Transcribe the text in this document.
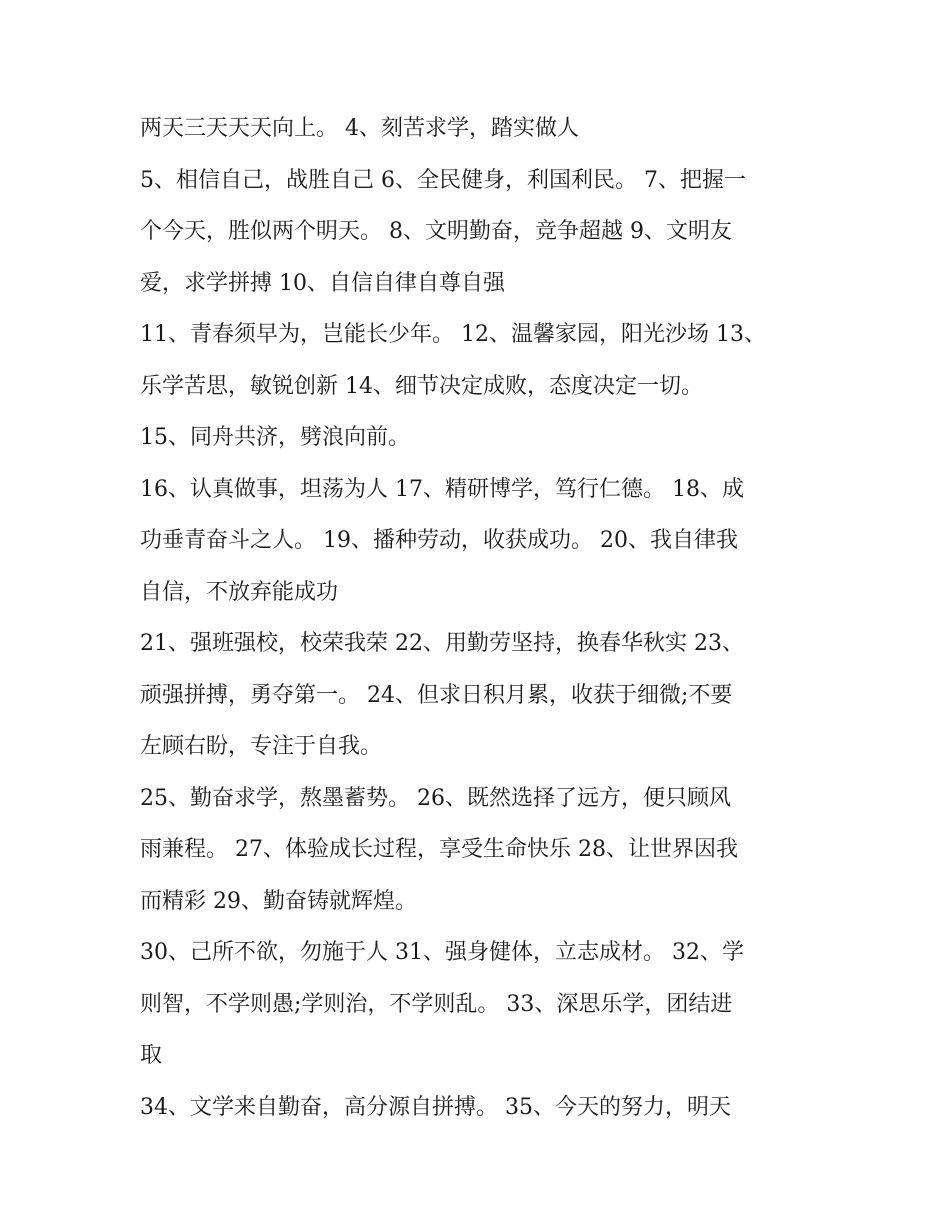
两天三天天天向上。 4、刻苦求学，踏实做人
5、相信自己，战胜自己 6、全民健身，利国利民。 7、把握一
个今天，胜似两个明天。 8、文明勤奋，竞争超越 9、文明友
爱，求学拼搏 10、自信自律自尊自强
11、青春须早为，岂能长少年。 12、温馨家园，阳光沙场 13、
乐学苦思，敏锐创新 14、细节决定成败，态度决定一切。
15、同舟共济，劈浪向前。
16、认真做事，坦荡为人 17、精研博学，笃行仁德。 18、成
功垂青奋斗之人。 19、播种劳动，收获成功。 20、我自律我
自信，不放弃能成功
21、强班强校，校荣我荣 22、用勤劳坚持，换春华秋实 23、
顽强拼搏，勇夺第一。 24、但求日积月累，收获于细微;不要
左顾右盼，专注于自我。
25、勤奋求学，熬墨蓄势。 26、既然选择了远方，便只顾风
雨兼程。 27、体验成长过程，享受生命快乐 28、让世界因我
而精彩 29、勤奋铸就辉煌。
30、己所不欲，勿施于人 31、强身健体，立志成材。 32、学
则智，不学则愚;学则治，不学则乱。 33、深思乐学，团结进
取
34、文学来自勤奋，高分源自拼搏。 35、今天的努力，明天
